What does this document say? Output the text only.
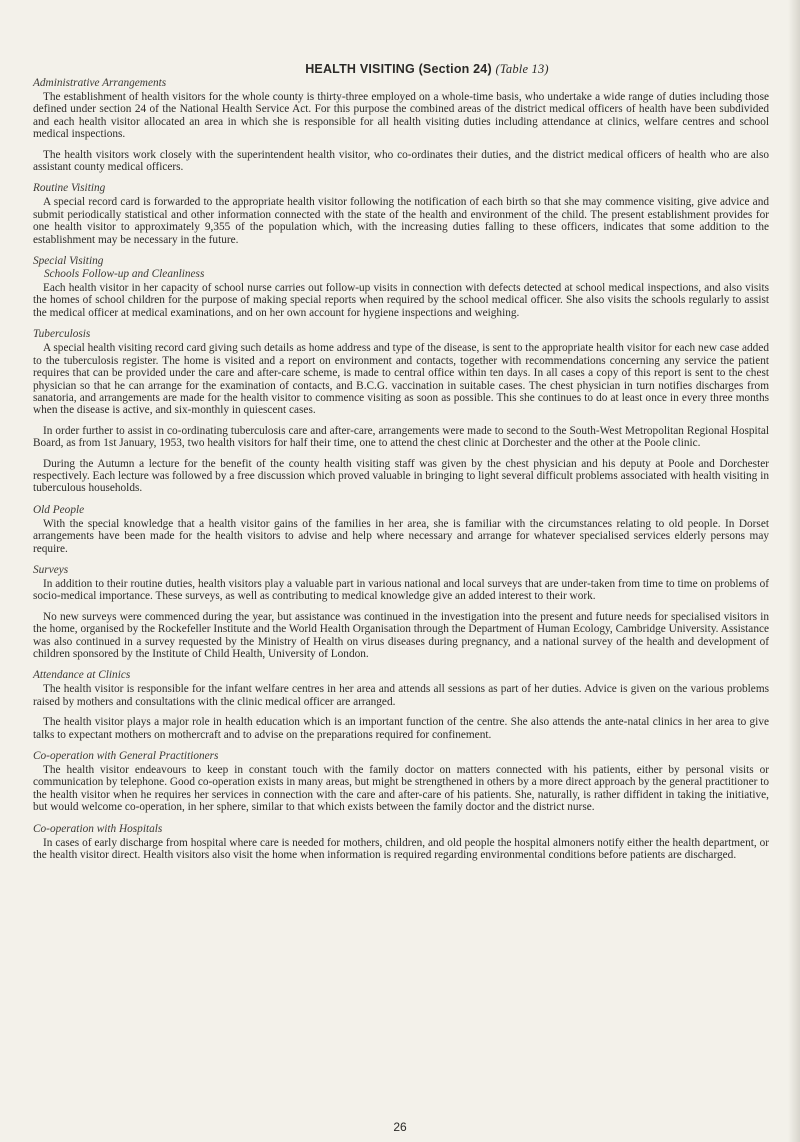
HEALTH VISITING (Section 24) (Table 13)
Administrative Arrangements

The establishment of health visitors for the whole county is thirty-three employed on a whole-time basis, who undertake a wide range of duties including those defined under section 24 of the National Health Service Act. For this purpose the combined areas of the district medical officers of health have been subdivided and each health visitor allocated an area in which she is responsible for all health visiting duties including attendance at clinics, welfare centres and school medical inspections.

The health visitors work closely with the superintendent health visitor, who co-ordinates their duties, and the district medical officers of health who are also assistant county medical officers.

Routine Visiting

A special record card is forwarded to the appropriate health visitor following the notification of each birth so that she may commence visiting, give advice and submit periodically statistical and other information connected with the state of the health and environment of the child. The present establishment provides for one health visitor to approximately 9,355 of the population which, with the increasing duties falling to these officers, indicates that some addition to the establishment may be necessary in the future.

Special Visiting
Schools Follow-up and Cleanliness

Each health visitor in her capacity of school nurse carries out follow-up visits in connection with defects detected at school medical inspections, and also visits the homes of school children for the purpose of making special reports when required by the school medical officer. She also visits the schools regularly to assist the medical officer at medical examinations, and on her own account for hygiene inspections and weighing.

Tuberculosis

A special health visiting record card giving such details as home address and type of the disease, is sent to the appropriate health visitor for each new case added to the tuberculosis register. The home is visited and a report on environment and contacts, together with recommendations concerning any service the patient requires that can be provided under the care and after-care scheme, is made to central office within ten days. In all cases a copy of this report is sent to the chest physician so that he can arrange for the examination of contacts, and B.C.G. vaccination in suitable cases. The chest physician in turn notifies discharges from sanatoria, and arrangements are made for the health visitor to commence visiting as soon as possible. This she continues to do at least once in every three months when the disease is active, and six-monthly in quiescent cases.

In order further to assist in co-ordinating tuberculosis care and after-care, arrangements were made to second to the South-West Metropolitan Regional Hospital Board, as from 1st January, 1953, two health visitors for half their time, one to attend the chest clinic at Dorchester and the other at the Poole clinic.

During the Autumn a lecture for the benefit of the county health visiting staff was given by the chest physician and his deputy at Poole and Dorchester respectively. Each lecture was followed by a free discussion which proved valuable in bringing to light several difficult problems associated with health visiting in tuberculous households.

Old People

With the special knowledge that a health visitor gains of the families in her area, she is familiar with the circumstances relating to old people. In Dorset arrangements have been made for the health visitors to advise and help where necessary and arrange for whatever specialised services elderly persons may require.

Surveys

In addition to their routine duties, health visitors play a valuable part in various national and local surveys that are under-taken from time to time on problems of socio-medical importance. These surveys, as well as contributing to medical knowledge give an added interest to their work.

No new surveys were commenced during the year, but assistance was continued in the investigation into the present and future needs for specialised visitors in the home, organised by the Rockefeller Institute and the World Health Organisation through the Department of Human Ecology, Cambridge University. Assistance was also continued in a survey requested by the Ministry of Health on virus diseases during pregnancy, and a national survey of the health and development of children sponsored by the Institute of Child Health, University of London.

Attendance at Clinics

The health visitor is responsible for the infant welfare centres in her area and attends all sessions as part of her duties. Advice is given on the various problems raised by mothers and consultations with the clinic medical officer are arranged.

The health visitor plays a major role in health education which is an important function of the centre. She also attends the ante-natal clinics in her area to give talks to expectant mothers on mothercraft and to advise on the preparations required for confinement.

Co-operation with General Practitioners

The health visitor endeavours to keep in constant touch with the family doctor on matters connected with his patients, either by personal visits or communication by telephone. Good co-operation exists in many areas, but might be strengthened in others by a more direct approach by the general practitioner to the health visitor when he requires her services in connection with the care and after-care of his patients. She, naturally, is rather diffident in taking the initiative, but would welcome co-operation, in her sphere, similar to that which exists between the family doctor and the district nurse.

Co-operation with Hospitals

In cases of early discharge from hospital where care is needed for mothers, children, and old people the hospital almoners notify either the health department, or the health visitor direct. Health visitors also visit the home when information is required regarding environmental conditions before patients are discharged.

26
